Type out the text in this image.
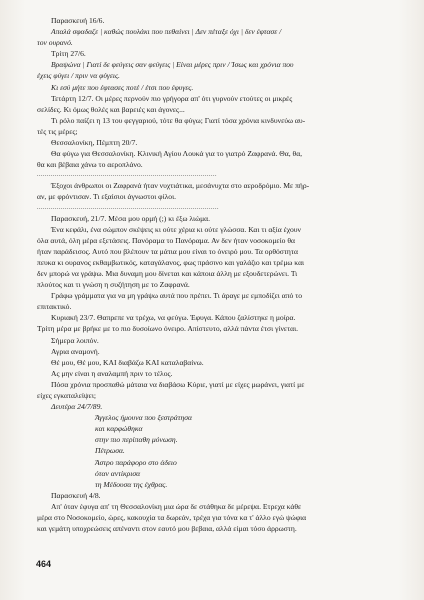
Παρασκευή 16/6.
Απαλά σφαδαζε | καθώς πουλάκι που πεθαίνει | Δεν πέταξε όχι | δεν έφτασε /
τον ουρανό.
Τρίτη 27/6.
Βραψώνα | Γιατί δε φεύγεις σαν φεύγεις | Είναι μέρες πριν / Ίσως και χρόνια που
έχεις φύγει / πριν να φύγεις.
Κι εσύ μήτε που έφτασες ποτέ / έτσι που έφυγες.
Τετάρτη 12/7. Οι μέρες περνούν πιο γρήγορα απ' ότι γυρνούν ετούτες οι μικρές
σελίδες. Κι όμως θολές και βαρειές και άγονες...
Τι ρόλο παίζει η 13 του φεγγαριού, τότε θα φύγω; Γιατί τόσα χρόνια κινδυνεύω αυ-
τές τις μέρες;
Θεσσαλονίκη, Πέμπτη 20/7.
Θα φύγω για Θεσσαλονίκη. Κλινική Αγίου Λουκά για το γιατρό Ζαφρανά. Θα, θα,
θα και βέβαια χάνω το αεροπλάνο.
..........................................................................................
Έξοχοι άνθρωποι οι Ζαφρανά ήταν νυχτιάτικα, μεσάνυχτα στο αεροδρόμιο. Με πήρ-
αν, με φρόντισαν. Τι εξαίσιοι άγνωστοι φίλοι.
...........................................................................................
Παρασκευή, 21/7. Μέσα μου ορμή (;) κι έξω λιώμα.
Ένα κεφάλι, ένα σώμπον σκέψεις κι ούτε χέρια κι ούτε γλώσσα. Και τι αξία έχουν
όλα αυτά, όλη μέρα εξετάσεις. Πανόραμα το Πανόραμα. Αν δεν ήταν νοσοκομείο θα
ήταν παράδεισος. Αυτό που βλέπουν τα μάτια μου είναι το όνειρό μου. Τα ορθόστητα
πευκα κι ουρανος εκθαμβωτικός, καταγάλανος, φως πράσινο και γαλάζιο και τρέμω και
δεν μπορώ να γράψω. Μια δυναμη μου δίνεται και κάποια άλλη με εξουδετερώνει. Τι
πλούτος και τι γνώση η συζήτηση με το Ζαφρανά.
Γράφω γράμματα για να μη γράψω αυτά που πρέπει. Τι άραγε με εμποδίζει από το
επιτακτικό.
Κυριακή 23/7. Θαπρεπε να τρέχω, να φεύγω. Έφυγα. Κάπου ζαλίστηκε η μοίρα.
Τρίτη μέρα με βρήκε με το πιο δυσοίωνο όνειρο. Απίστευτο, αλλά πάντα έτσι γίνεται.
Σήμερα λοιπόν.
Αγρια αναμονή.
Θέ μου, Θέ μου, ΚΑΙ διαβάζω ΚΑΙ καταλαβαίνω.
Ας μην είναι η αναλαμπή πριν το τέλος.
Πόσα χρόνια προσπαθώ μάταια να διαβάσω Κύριε, γιατί με είχες μωράνει, γιατί με
είχες εγκαταλείψει;
Δευτέρα 24/7/89.
Άγγελος ήμουνα που ξεστράτησα
και καρφώθηκα
στην πιο περίπαθη μόνωση.
Πέτρωσα.
Άστρο παράφορο στο άδειο
όταν αντίκρισα
τη Μέδουσα της έχθρας.
Παρασκευή 4/8.
Απ' όταν έφυγα απ' τη Θεσσαλονίκη μια ώρα δε στάθηκα δε μέρεψα. Ετρεχα κάθε
μέρα στο Νοσοκομείο, ώρες, κακουχία τα δωρεάν, τρέχα για τόνα κα τ' άλλο εγώ ψώφια
και γεμάτη υποχρεώσεις απέναντι στον εαυτό μου βεβαια, αλλά είμαι τόσο άρρωστη.
464
